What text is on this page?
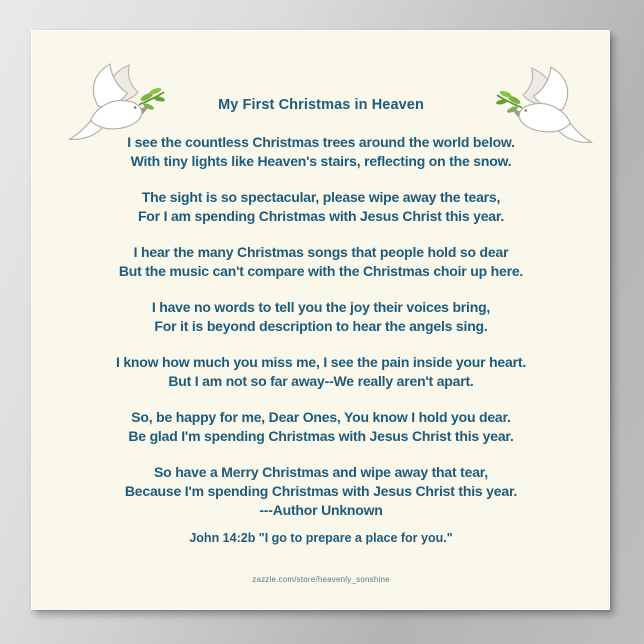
My First Christmas in Heaven

I see the countless Christmas trees around the world below.

With tiny lights like Heaven's stairs, reflecting on the snow.

The sight is so spectacular, please wipe away the tears,

For I am spending Christmas with Jesus Christ this year.

I hear the many Christmas songs that people hold so dear

But the music can't compare with the Christmas choir up here.

I have no words to tell you the joy their voices bring,

For it is beyond description to hear the angels sing.

I know how much you miss me, I see the pain inside your heart.

But I am not so far away--We really aren't apart.

So, be happy for me, Dear Ones, You know I hold you dear.

Be glad I'm spending Christmas with Jesus Christ this year.

So have a Merry Christmas and wipe away that tear,

Because I'm spending Christmas with Jesus Christ this year.

---Author Unknown

John 14:2b "I go to prepare a place for you."

zazzle.com/store/heavenly_sonshine
